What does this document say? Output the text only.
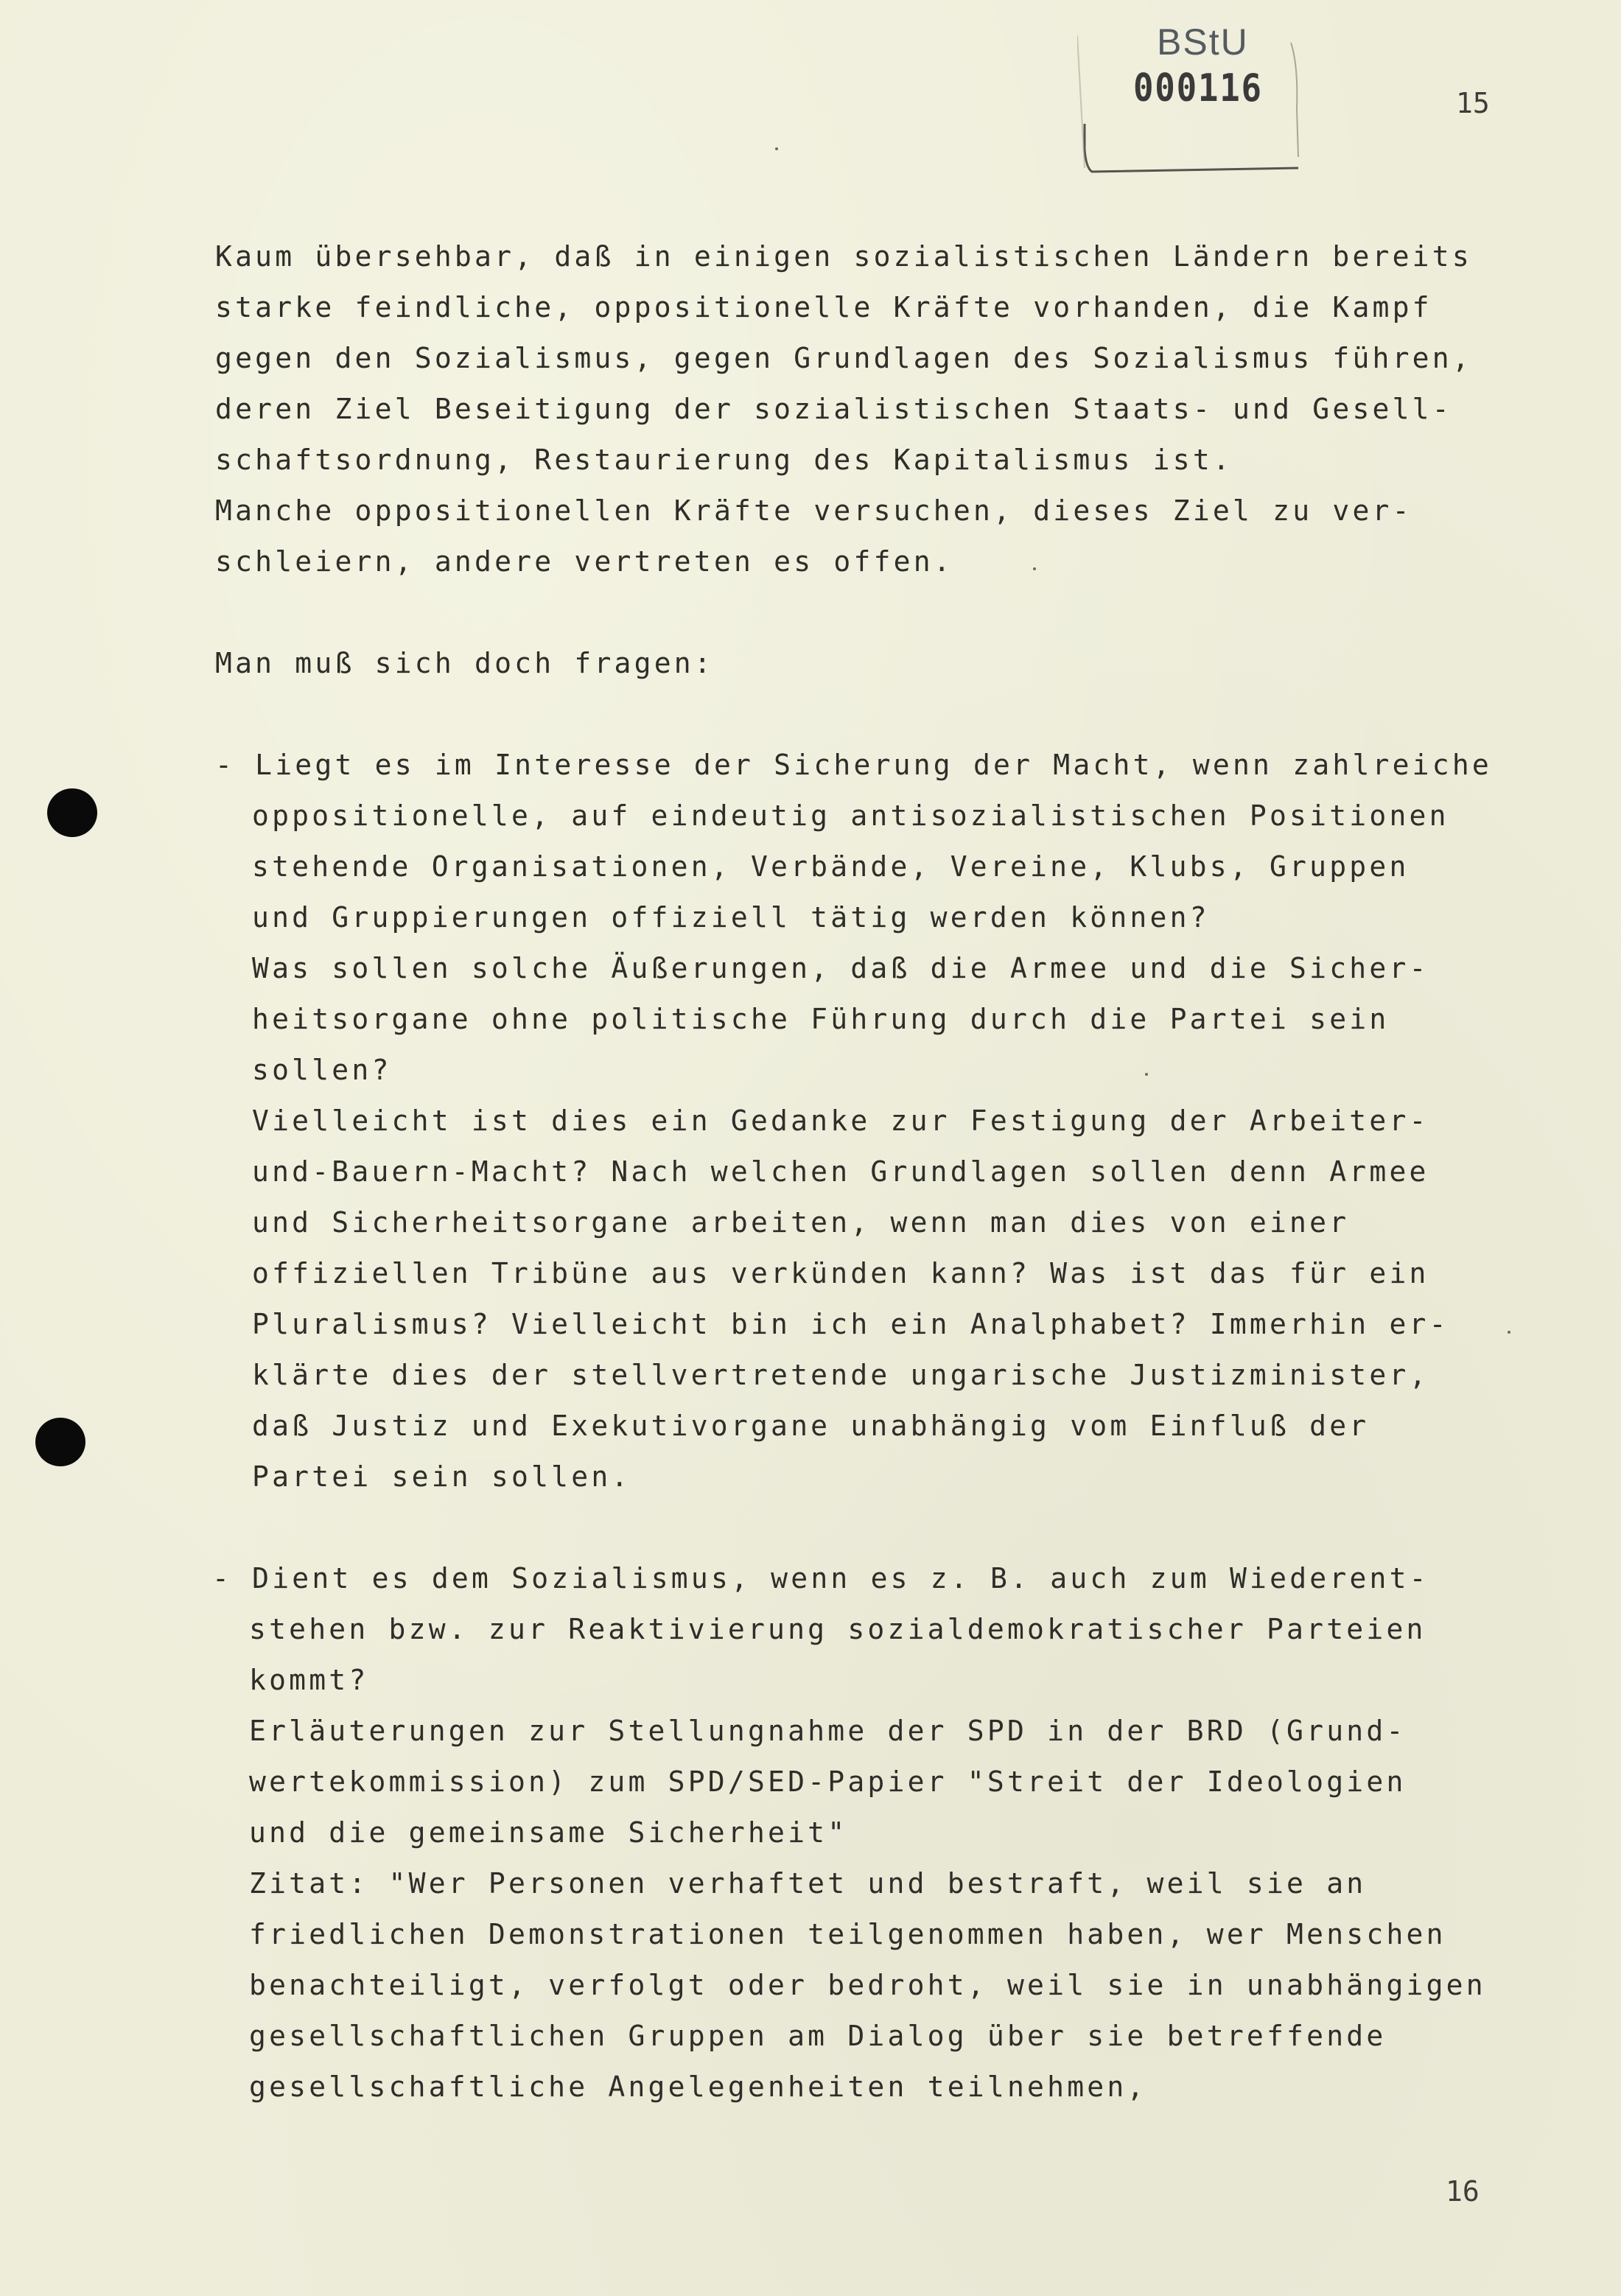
BStU
000116	15
Kaum übersehbar, daß in einigen sozialistischen Ländern bereits
starke feindliche, oppositionelle Kräfte vorhanden, die Kampf
gegen den Sozialismus, gegen Grundlagen des Sozialismus führen,
deren Ziel Beseitigung der sozialistischen Staats- und Gesell-
schaftsordnung, Restaurierung des Kapitalismus ist.
Manche oppositionellen Kräfte versuchen, dieses Ziel zu ver-
schleiern, andere vertreten es offen.
Man muß sich doch fragen:
- Liegt es im Interesse der Sicherung der Macht, wenn zahlreiche
oppositionelle, auf eindeutig antisozialistischen Positionen
stehende Organisationen, Verbände, Vereine, Klubs, Gruppen
und Gruppierungen offiziell tätig werden können?
Was sollen solche Äußerungen, daß die Armee und die Sicher-
heitsorgane ohne politische Führung durch die Partei sein
sollen?
Vielleicht ist dies ein Gedanke zur Festigung der Arbeiter-
und-Bauern-Macht? Nach welchen Grundlagen sollen denn Armee
und Sicherheitsorgane arbeiten, wenn man dies von einer
offiziellen Tribüne aus verkünden kann? Was ist das für ein
Pluralismus? Vielleicht bin ich ein Analphabet? Immerhin er-
klärte dies der stellvertretende ungarische Justizminister,
daß Justiz und Exekutivorgane unabhängig vom Einfluß der
Partei sein sollen.
- Dient es dem Sozialismus, wenn es z. B. auch zum Wiederent-
stehen bzw. zur Reaktivierung sozialdemokratischer Parteien
kommt?
Erläuterungen zur Stellungnahme der SPD in der BRD (Grund-
wertekommission) zum SPD/SED-Papier "Streit der Ideologien
und die gemeinsame Sicherheit"
Zitat: "Wer Personen verhaftet und bestraft, weil sie an
friedlichen Demonstrationen teilgenommen haben, wer Menschen
benachteiligt, verfolgt oder bedroht, weil sie in unabhängigen
gesellschaftlichen Gruppen am Dialog über sie betreffende
gesellschaftliche Angelegenheiten teilnehmen,
16
